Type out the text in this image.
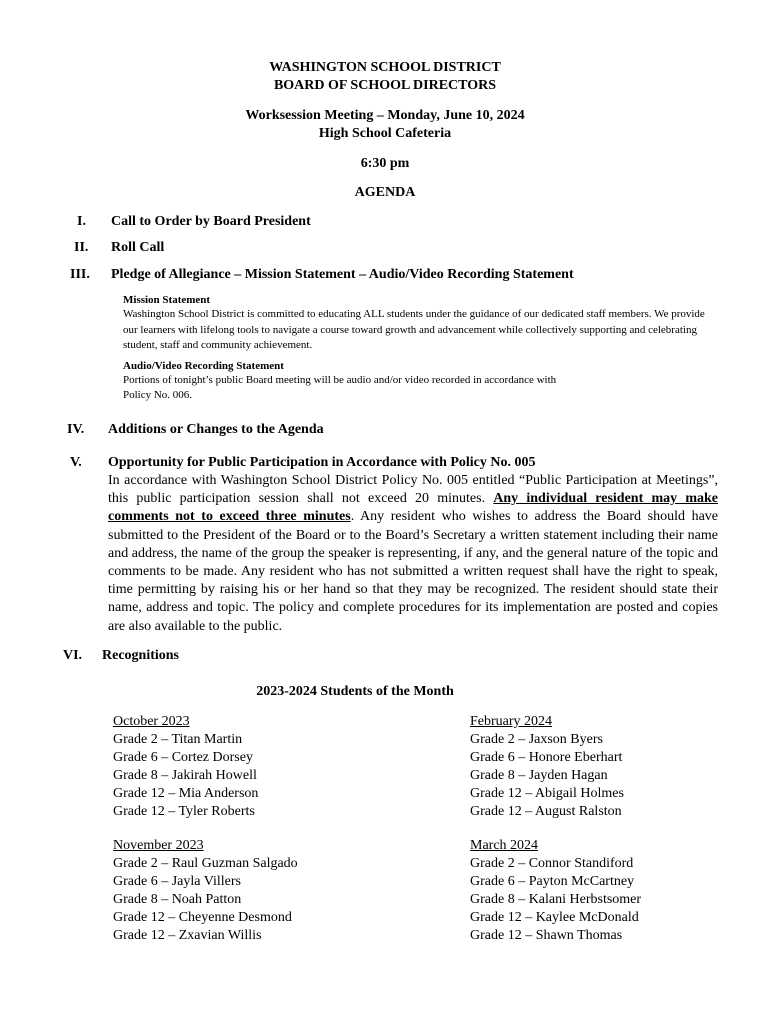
WASHINGTON SCHOOL DISTRICT
BOARD OF SCHOOL DIRECTORS
Worksession Meeting – Monday, June 10, 2024
High School Cafeteria
6:30 pm
AGENDA
I. Call to Order by Board President
II. Roll Call
III. Pledge of Allegiance – Mission Statement – Audio/Video Recording Statement
Mission Statement
Washington School District is committed to educating ALL students under the guidance of our dedicated staff members. We provide our learners with lifelong tools to navigate a course toward growth and advancement while collectively supporting and celebrating student, staff and community achievement.
Audio/Video Recording Statement
Portions of tonight’s public Board meeting will be audio and/or video recorded in accordance with
Policy No. 006.
IV. Additions or Changes to the Agenda
V. Opportunity for Public Participation in Accordance with Policy No. 005
In accordance with Washington School District Policy No. 005 entitled “Public Participation at Meetings”, this public participation session shall not exceed 20 minutes. Any individual resident may make comments not to exceed three minutes. Any resident who wishes to address the Board should have submitted to the President of the Board or to the Board’s Secretary a written statement including their name and address, the name of the group the speaker is representing, if any, and the general nature of the topic and comments to be made. Any resident who has not submitted a written request shall have the right to speak, time permitting by raising his or her hand so that they may be recognized. The resident should state their name, address and topic. The policy and complete procedures for its implementation are posted and copies are also available to the public.
VI. Recognitions
2023-2024 Students of the Month
October 2023
Grade 2 – Titan Martin
Grade 6 – Cortez Dorsey
Grade 8 – Jakirah Howell
Grade 12 – Mia Anderson
Grade 12 – Tyler Roberts
February 2024
Grade 2 – Jaxson Byers
Grade 6 – Honore Eberhart
Grade 8 – Jayden Hagan
Grade 12 – Abigail Holmes
Grade 12 – August Ralston
November 2023
Grade 2 – Raul Guzman Salgado
Grade 6 – Jayla Villers
Grade 8 – Noah Patton
Grade 12 – Cheyenne Desmond
Grade 12 – Zxavian Willis
March 2024
Grade 2 – Connor Standiford
Grade 6 – Payton McCartney
Grade 8 – Kalani Herbstsomer
Grade 12 – Kaylee McDonald
Grade 12 – Shawn Thomas
